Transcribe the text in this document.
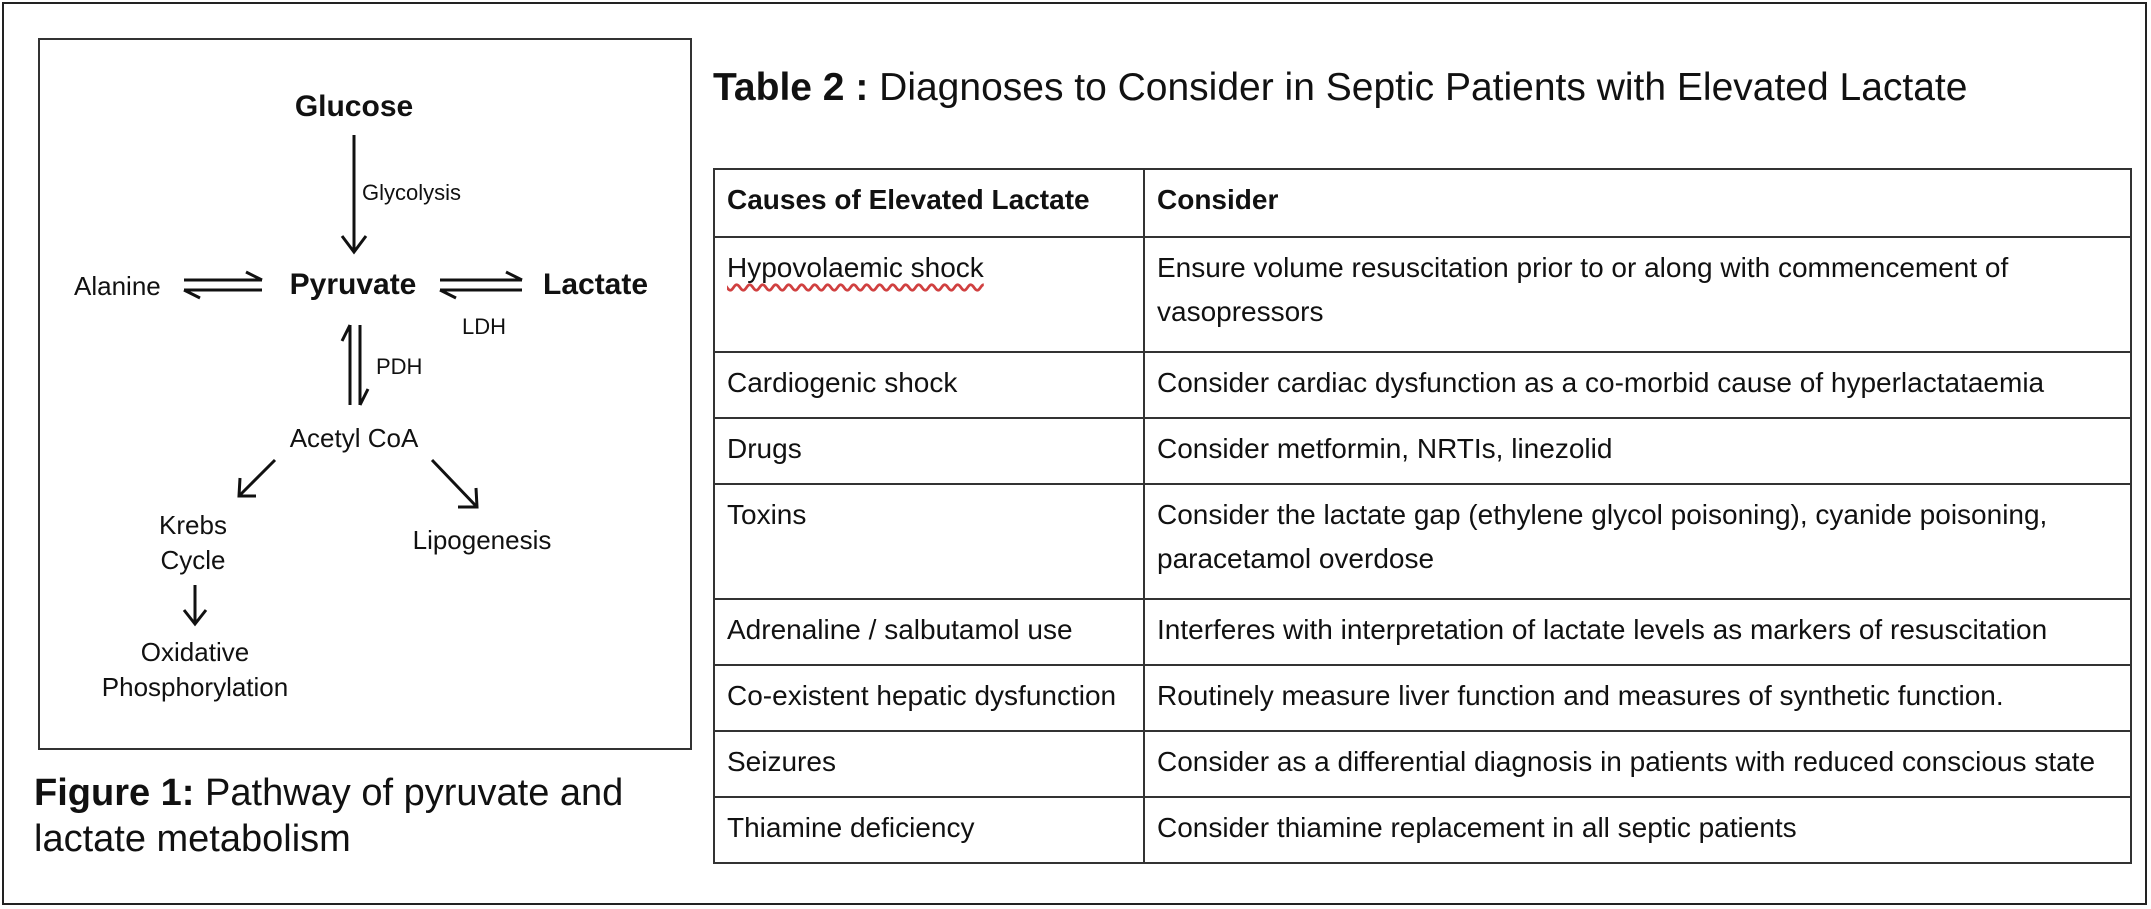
Glucose
Glycolysis
Alanine	Pyruvate	Lactate
LDH
PDH
Acetyl CoA
Krebs
Cycle
Lipogenesis
Oxidative
Phosphorylation
Figure 1: Pathway of pyruvate and lactate metabolism
Table 2 : Diagnoses to Consider in Septic Patients with Elevated Lactate
Causes of Elevated Lactate	Consider
Hypovolaemic shock	Ensure volume resuscitation prior to or along with commencement of vasopressors
Cardiogenic shock	Consider cardiac dysfunction as a co-morbid cause of hyperlactataemia
Drugs	Consider metformin, NRTIs, linezolid
Toxins	Consider the lactate gap (ethylene glycol poisoning), cyanide poisoning, paracetamol overdose
Adrenaline / salbutamol use	Interferes with interpretation of lactate levels as markers of resuscitation
Co-existent hepatic dysfunction	Routinely measure liver function and measures of synthetic function.
Seizures	Consider as a differential diagnosis in patients with reduced conscious state
Thiamine deficiency	Consider thiamine replacement in all septic patients
